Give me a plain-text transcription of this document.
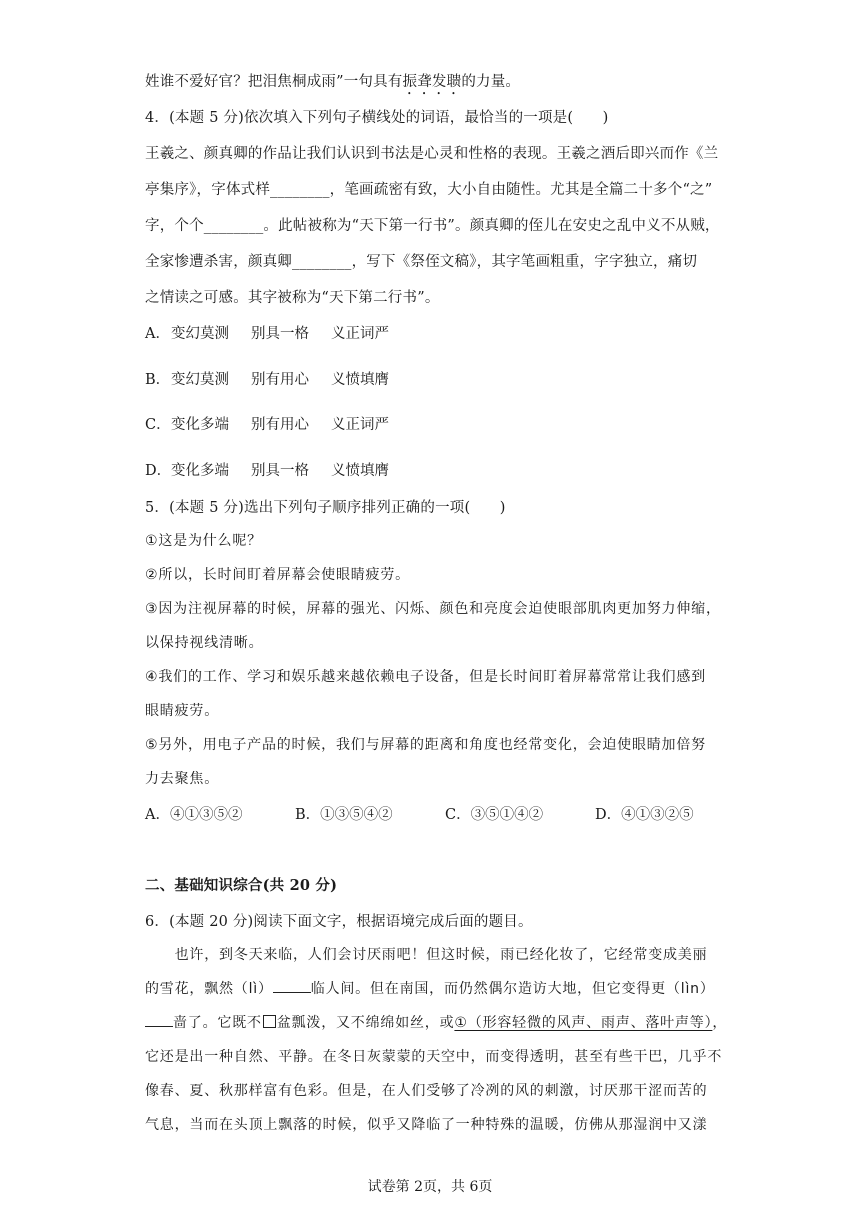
姓谁不爱好官？把泪焦桐成雨”一句具有振聋发聩的力量。
4．(本题 5 分)依次填入下列句子横线处的词语，最恰当的一项是(　　)
王羲之、颜真卿的作品让我们认识到书法是心灵和性格的表现。王羲之酒后即兴而作《兰
亭集序》，字体式样________，笔画疏密有致，大小自由随性。尤其是全篇二十多个“之”
字，个个________。此帖被称为“天下第一行书”。颜真卿的侄儿在安史之乱中义不从贼，
全家惨遭杀害，颜真卿________，写下《祭侄文稿》，其字笔画粗重，字字独立，痛切
之情读之可感。其字被称为“天下第二行书”。
A． 变幻莫测	别具一格	义正词严
B． 变幻莫测	别有用心	义愤填膺
C． 变化多端	别有用心	义正词严
D． 变化多端	别具一格	义愤填膺
5．(本题 5 分)选出下列句子顺序排列正确的一项(　　)
①这是为什么呢？
②所以，长时间盯着屏幕会使眼睛疲劳。
③因为注视屏幕的时候，屏幕的强光、闪烁、颜色和亮度会迫使眼部肌肉更加努力伸缩，
以保持视线清晰。
④我们的工作、学习和娱乐越来越依赖电子设备，但是长时间盯着屏幕常常让我们感到
眼睛疲劳。
⑤另外，用电子产品的时候，我们与屏幕的距离和角度也经常变化，会迫使眼睛加倍努
力去聚焦。
A．④①③⑤②	B．①③⑤④②	C．③⑤①④②	D．④①③②⑤
二、基础知识综合(共 20 分)
6．(本题 20 分)阅读下面文字，根据语境完成后面的题目。
　　也许，到冬天来临，人们会讨厌雨吧！但这时候，雨已经化妆了，它经常变成美丽
的雪花，飘然（lì）	临人间。但在南国，而仍然偶尔造访大地，但它变得更（lìn）
啬了。它既不 盆瓢泼，又不绵绵如丝，或①（形容轻微的风声、雨声、落叶声等），
它还是出一种自然、平静。在冬日灰蒙蒙的天空中，而变得透明，甚至有些干巴，几乎不
像春、夏、秋那样富有色彩。但是，在人们受够了冷冽的风的刺激，讨厌那干涩而苦的
气息，当而在头顶上飘落的时候，似乎又降临了一种特殊的温暖，仿佛从那湿润中又漾
试卷第 2页，共 6页
